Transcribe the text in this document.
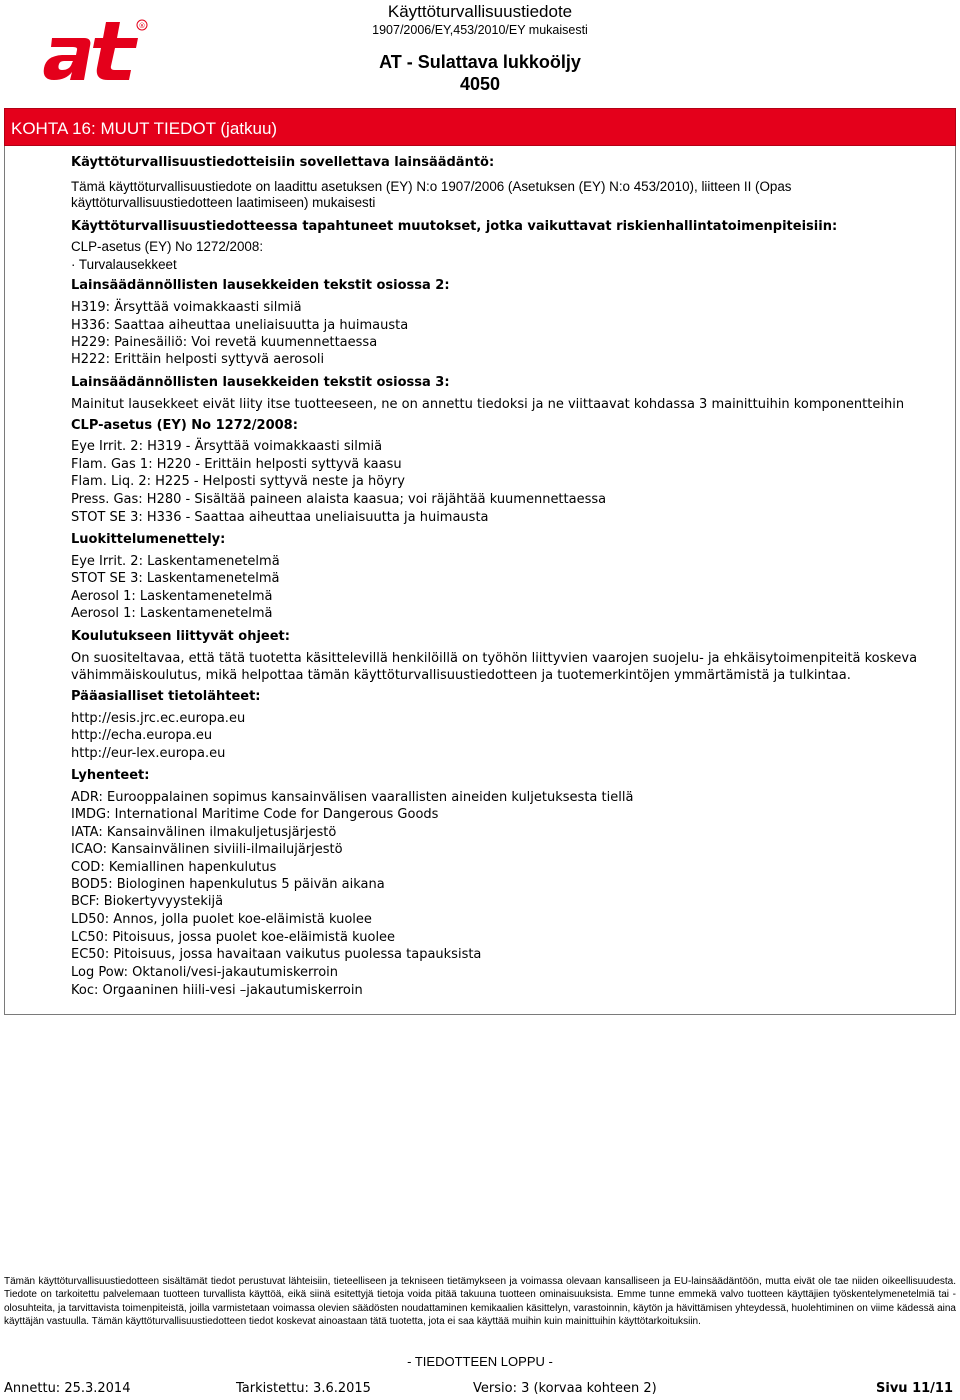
®
Käyttöturvallisuustiedote
1907/2006/EY,453/2010/EY mukaisesti
AT - Sulattava lukkoöljy
4050
KOHTA 16: MUUT TIEDOT (jatkuu)
Käyttöturvallisuustiedotteisiin sovellettava lainsäädäntö:
Tämä käyttöturvallisuustiedote on laadittu asetuksen (EY) N:o 1907/2006 (Asetuksen (EY) N:o 453/2010), liitteen II (Opas
käyttöturvallisuustiedotteen laatimiseen) mukaisesti
Käyttöturvallisuustiedotteessa tapahtuneet muutokset, jotka vaikuttavat riskienhallintatoimenpiteisiin:
CLP-asetus (EY) No 1272/2008:
· Turvalausekkeet
Lainsäädännöllisten lausekkeiden tekstit osiossa 2:
H319: Ärsyttää voimakkaasti silmiä
H336: Saattaa aiheuttaa uneliaisuutta ja huimausta
H229: Painesäiliö: Voi revetä kuumennettaessa
H222: Erittäin helposti syttyvä aerosoli
Lainsäädännöllisten lausekkeiden tekstit osiossa 3:
Mainitut lausekkeet eivät liity itse tuotteeseen, ne on annettu tiedoksi ja ne viittaavat kohdassa 3 mainittuihin komponentteihin
CLP-asetus (EY) No 1272/2008:
Eye Irrit. 2: H319 - Ärsyttää voimakkaasti silmiä
Flam. Gas 1: H220 - Erittäin helposti syttyvä kaasu
Flam. Liq. 2: H225 - Helposti syttyvä neste ja höyry
Press. Gas: H280 - Sisältää paineen alaista kaasua; voi räjähtää kuumennettaessa
STOT SE 3: H336 - Saattaa aiheuttaa uneliaisuutta ja huimausta
Luokittelumenettely:
Eye Irrit. 2: Laskentamenetelmä
STOT SE 3: Laskentamenetelmä
Aerosol 1: Laskentamenetelmä
Aerosol 1: Laskentamenetelmä
Koulutukseen liittyvät ohjeet:
On suositeltavaa, että tätä tuotetta käsittelevillä henkilöillä on työhön liittyvien vaarojen suojelu- ja ehkäisytoimenpiteitä koskeva
vähimmäiskoulutus, mikä helpottaa tämän käyttöturvallisuustiedotteen ja tuotemerkintöjen ymmärtämistä ja tulkintaa.
Pääasialliset tietolähteet:
http://esis.jrc.ec.europa.eu
http://echa.europa.eu
http://eur-lex.europa.eu
Lyhenteet:
ADR: Eurooppalainen sopimus kansainvälisen vaarallisten aineiden kuljetuksesta tiellä
IMDG: International Maritime Code for Dangerous Goods
IATA: Kansainvälinen ilmakuljetusjärjestö
ICAO: Kansainvälinen siviili-ilmailujärjestö
COD: Kemiallinen hapenkulutus
BOD5: Biologinen hapenkulutus 5 päivän aikana
BCF: Biokertyvyystekijä
LD50: Annos, jolla puolet koe-eläimistä kuolee
LC50: Pitoisuus, jossa puolet koe-eläimistä kuolee
EC50: Pitoisuus, jossa havaitaan vaikutus puolessa tapauksista
Log Pow: Oktanoli/vesi-jakautumiskerroin
Koc: Orgaaninen hiili-vesi –jakautumiskerroin
Tämän käyttöturvallisuustiedotteen sisältämät tiedot perustuvat lähteisiin, tieteelliseen ja tekniseen tietämykseen ja voimassa olevaan kansalliseen ja EU-lainsäädäntöön, mutta eivät ole tae niiden oikeellisuudesta. Tiedote on tarkoitettu palvelemaan tuotteen turvallista käyttöä, eikä siinä esitettyjä tietoja voida pitää takuuna tuotteen ominaisuuksista. Emme tunne emmekä valvo tuotteen käyttäjien työskentelymenetelmiä tai -olosuhteita, ja tarvittavista toimenpiteistä, joilla varmistetaan voimassa olevien säädösten noudattaminen kemikaalien käsittelyn, varastoinnin, käytön ja hävittämisen yhteydessä, huolehtiminen on viime kädessä aina käyttäjän vastuulla. Tämän käyttöturvallisuustiedotteen tiedot koskevat ainoastaan tätä tuotetta, jota ei saa käyttää muihin kuin mainittuihin käyttötarkoituksiin.
- TIEDOTTEEN LOPPU -
Annettu: 25.3.2014	Tarkistettu: 3.6.2015	Versio: 3 (korvaa kohteen 2)	Sivu 11/11
